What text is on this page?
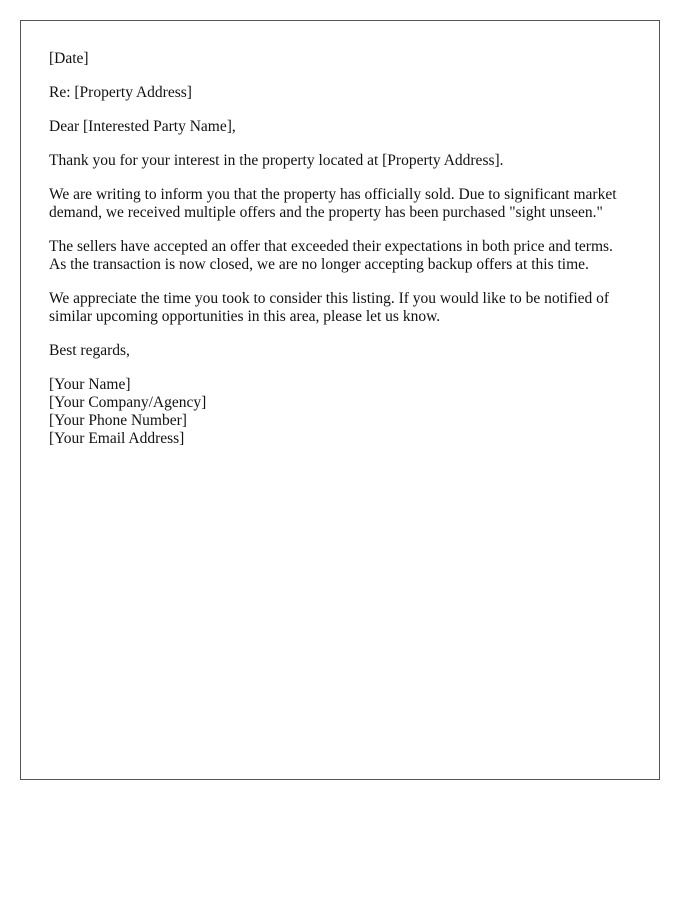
[Date]

Re: [Property Address]

Dear [Interested Party Name],

Thank you for your interest in the property located at [Property Address].

We are writing to inform you that the property has officially sold. Due to significant market demand, we received multiple offers and the property has been purchased "sight unseen."

The sellers have accepted an offer that exceeded their expectations in both price and terms. As the transaction is now closed, we are no longer accepting backup offers at this time.

We appreciate the time you took to consider this listing. If you would like to be notified of similar upcoming opportunities in this area, please let us know.

Best regards,

[Your Name]
[Your Company/Agency]
[Your Phone Number]
[Your Email Address]
